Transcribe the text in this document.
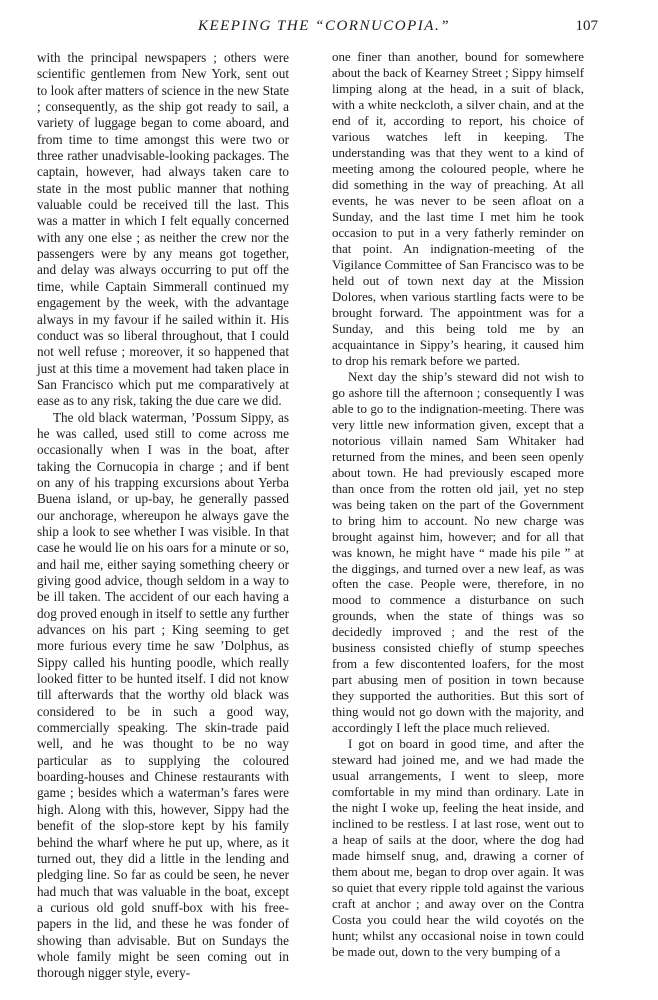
KEEPING THE “CORNUCOPIA.”	107

with the principal newspapers ; others were scientific gentlemen from New York, sent out to look after matters of science in the new State ; consequently, as the ship got ready to sail, a variety of luggage began to come aboard, and from time to time amongst this were two or three rather unadvisable-looking packages. The captain, however, had always taken care to state in the most public manner that nothing valuable could be received till the last. This was a matter in which I felt equally concerned with any one else ; as neither the crew nor the passengers were by any means got together, and delay was always occurring to put off the time, while Captain Simmerall continued my engagement by the week, with the advantage always in my favour if he sailed within it. His conduct was so liberal throughout, that I could not well refuse ; moreover, it so happened that just at this time a movement had taken place in San Francisco which put me comparatively at ease as to any risk, taking the due care we did.

The old black waterman, ’Possum Sippy, as he was called, used still to come across me occasionally when I was in the boat, after taking the Cornucopia in charge ; and if bent on any of his trapping excursions about Yerba Buena island, or up-bay, he generally passed our anchorage, whereupon he always gave the ship a look to see whether I was visible. In that case he would lie on his oars for a minute or so, and hail me, either saying something cheery or giving good advice, though seldom in a way to be ill taken. The accident of our each having a dog proved enough in itself to settle any further advances on his part ; King seeming to get more furious every time he saw ’Dolphus, as Sippy called his hunting poodle, which really looked fitter to be hunted itself. I did not know till afterwards that the worthy old black was considered to be in such a good way, commercially speaking. The skin-trade paid well, and he was thought to be no way particular as to supplying the coloured boarding-houses and Chinese restaurants with game ; besides which a waterman’s fares were high. Along with this, however, Sippy had the benefit of the slop-store kept by his family behind the wharf where he put up, where, as it turned out, they did a little in the lending and pledging line. So far as could be seen, he never had much that was valuable in the boat, except a curious old gold snuff-box with his free-papers in the lid, and these he was fonder of showing than advisable. But on Sundays the whole family might be seen coming out in thorough nigger style, every-

one finer than another, bound for somewhere about the back of Kearney Street ; Sippy himself limping along at the head, in a suit of black, with a white neckcloth, a silver chain, and at the end of it, according to report, his choice of various watches left in keeping. The understanding was that they went to a kind of meeting among the coloured people, where he did something in the way of preaching. At all events, he was never to be seen afloat on a Sunday, and the last time I met him he took occasion to put in a very fatherly reminder on that point. An indignation-meeting of the Vigilance Committee of San Francisco was to be held out of town next day at the Mission Dolores, when various startling facts were to be brought forward. The appointment was for a Sunday, and this being told me by an acquaintance in Sippy’s hearing, it caused him to drop his remark before we parted.

Next day the ship’s steward did not wish to go ashore till the afternoon ; consequently I was able to go to the indignation-meeting. There was very little new information given, except that a notorious villain named Sam Whitaker had returned from the mines, and been seen openly about town. He had previously escaped more than once from the rotten old jail, yet no step was being taken on the part of the Government to bring him to account. No new charge was brought against him, however; and for all that was known, he might have “ made his pile ” at the diggings, and turned over a new leaf, as was often the case. People were, therefore, in no mood to commence a disturbance on such grounds, when the state of things was so decidedly improved ; and the rest of the business consisted chiefly of stump speeches from a few discontented loafers, for the most part abusing men of position in town because they supported the authorities. But this sort of thing would not go down with the majority, and accordingly I left the place much relieved.

I got on board in good time, and after the steward had joined me, and we had made the usual arrangements, I went to sleep, more comfortable in my mind than ordinary. Late in the night I woke up, feeling the heat inside, and inclined to be restless. I at last rose, went out to a heap of sails at the door, where the dog had made himself snug, and, drawing a corner of them about me, began to drop over again. It was so quiet that every ripple told against the various craft at anchor ; and away over on the Contra Costa you could hear the wild coyotés on the hunt; whilst any occasional noise in town could be made out, down to the very bumping of a
